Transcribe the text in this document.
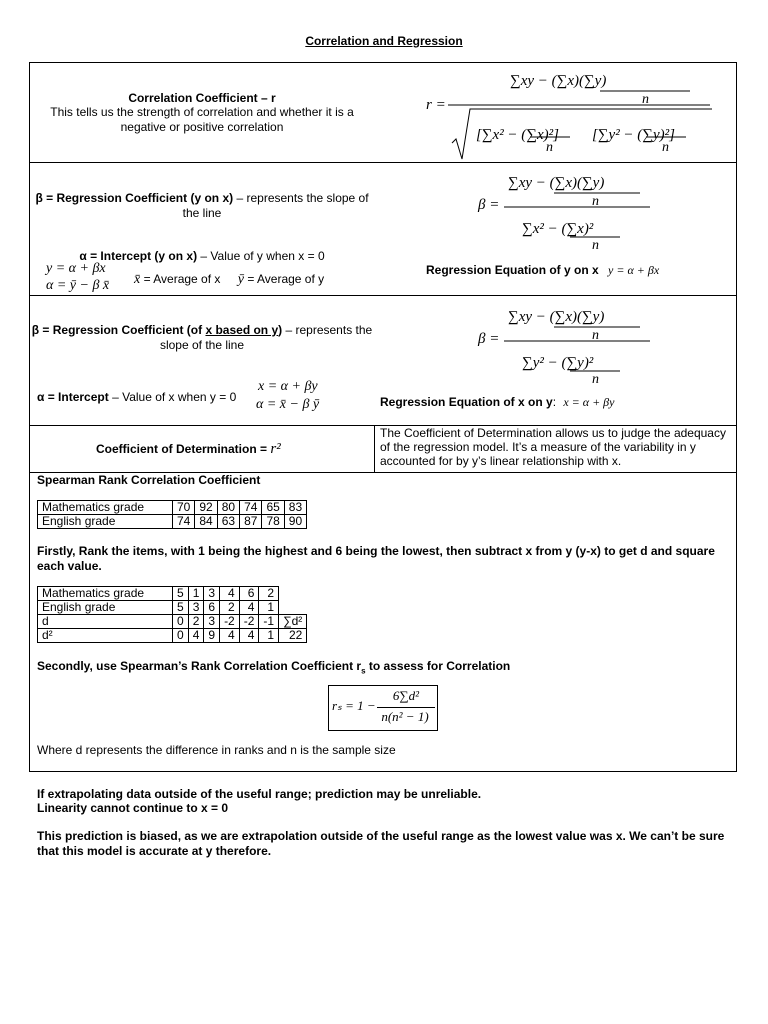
Correlation and Regression
Correlation Coefficient – r
This tells us the strength of correlation and whether it is a negative or positive correlation
r =
∑xy − (∑x)(∑y)
n
[∑x² − (∑x)²]
n
[∑y² − (∑y)²]
n
β = Regression Coefficient (y on x) – represents the slope of the line
α = Intercept (y on x) – Value of y when x = 0
y = α + βx
α = ȳ − β x̄ x̄ = Average of x ȳ = Average of y
β =
∑xy − (∑x)(∑y)
n
∑x² − (∑x)²
n
Regression Equation of y on x y = α + βx
β = Regression Coefficient (of x based on y) – represents the slope of the line
α = Intercept – Value of x when y = 0
x = α + βy
α = x̄ − β ȳ
β =
∑xy − (∑x)(∑y)
n
∑y² − (∑y)²
n
Regression Equation of x on y: x = α + βy
Coefficient of Determination = r²
The Coefficient of Determination allows us to judge the adequacy of the regression model. It’s a measure of the variability in y accounted for by y’s linear relationship with x.
Spearman Rank Correlation Coefficient
Mathematics grade	70	92	80	74	65	83
English grade	74	84	63	87	78	90
Firstly, Rank the items, with 1 being the highest and 6 being the lowest, then subtract x from y (y-x) to get d and square each value.
Mathematics grade	5	1	3	4	6	2	
English grade	5	3	6	2	4	1	
d	0	2	3	-2	-2	-1	∑d²
d²	0	4	9	4	4	1	22
Secondly, use Spearman’s Rank Correlation Coefficient $r_s$ to assess for Correlation
Where d represents the difference in ranks and n is the sample size
rₛ = 1 −
6∑d²
n(n² − 1)
If extrapolating data outside of the useful range; prediction may be unreliable.
Linearity cannot continue to x = 0
This prediction is biased, as we are extrapolation outside of the useful range as the lowest value was x. We can’t be sure that this model is accurate at y therefore.
